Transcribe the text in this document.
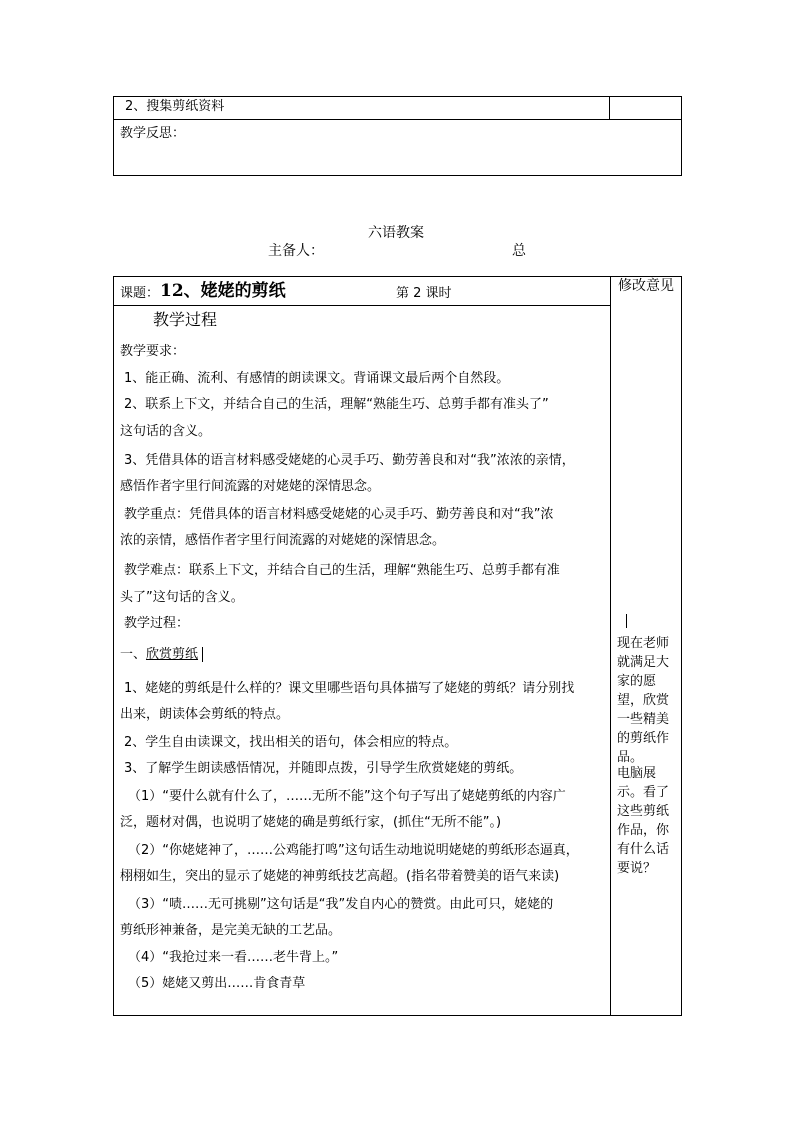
2、搜集剪纸资料
教学反思：
六语教案
主备人：	总
课题： 12、姥姥的剪纸	第 2 课时	修改意见
教学过程
教学要求：
1、能正确、流利、有感情的朗读课文。背诵课文最后两个自然段。
2、联系上下文，并结合自己的生活，理解“熟能生巧、总剪手都有准头了”
这句话的含义。
3、凭借具体的语言材料感受姥姥的心灵手巧、勤劳善良和对“我”浓浓的亲情，
感悟作者字里行间流露的对姥姥的深情思念。
教学重点：凭借具体的语言材料感受姥姥的心灵手巧、勤劳善良和对“我”浓
浓的亲情，感悟作者字里行间流露的对姥姥的深情思念。
教学难点：联系上下文，并结合自己的生活，理解“熟能生巧、总剪手都有准
头了”这句话的含义。
教学过程：
一、欣赏剪纸
1、姥姥的剪纸是什么样的？课文里哪些语句具体描写了姥姥的剪纸？请分别找
出来，朗读体会剪纸的特点。
2、学生自由读课文，找出相关的语句，体会相应的特点。
3、了解学生朗读感悟情况，并随即点拨，引导学生欣赏姥姥的剪纸。
（1）“要什么就有什么了，……无所不能”这个句子写出了姥姥剪纸的内容广
泛，题材对偶，也说明了姥姥的确是剪纸行家，(抓住“无所不能”。)
（2）“你姥姥神了，……公鸡能打鸣”这句话生动地说明姥姥的剪纸形态逼真，
栩栩如生，突出的显示了姥姥的神剪纸技艺高超。(指名带着赞美的语气来读)
（3）“啧……无可挑剔”这句话是“我”发自内心的赞赏。由此可只，姥姥的
剪纸形神兼备，是完美无缺的工艺品。
（4）“我抢过来一看……老牛背上。”
（5）姥姥又剪出……肯食青草
现在老师就满足大家的愿望，欣赏一些精美的剪纸作品。
电脑展示。看了这些剪纸作品，你有什么话要说？
